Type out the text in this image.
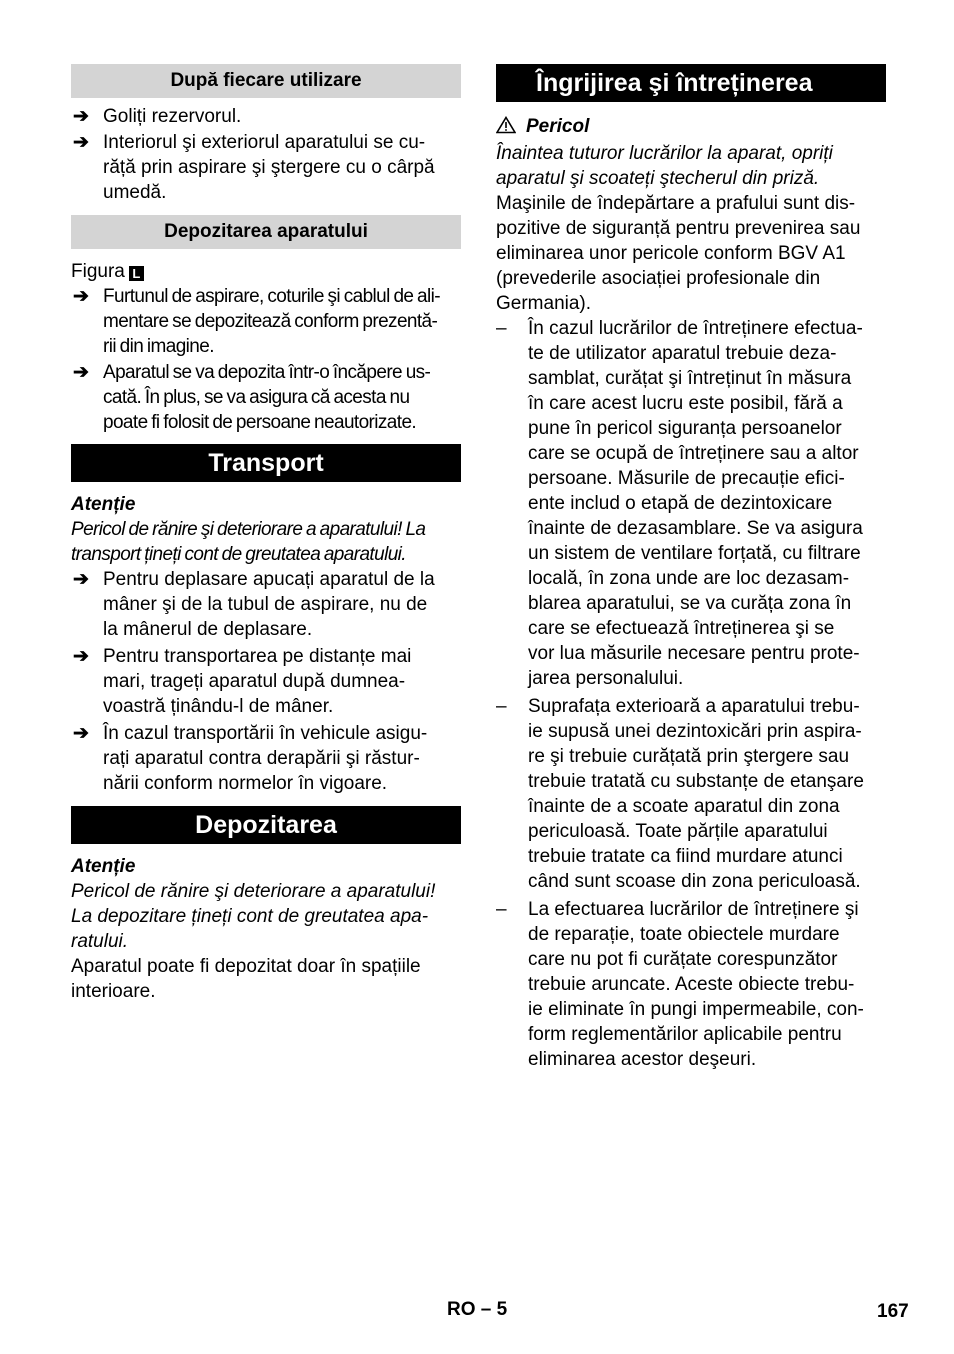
După fiecare utilizare
➔ Goliți rezervorul.
➔ Interiorul şi exteriorul aparatului se cu-
răță prin aspirare şi ştergere cu o cârpă
umedă.
Depozitarea aparatului
Figura L
➔ Furtunul de aspirare, coturile şi cablul de ali-
mentare se depozitează conform prezentă-
rii din imagine.
➔ Aparatul se va depozita într-o încăpere us-
cată. În plus, se va asigura că acesta nu
poate fi folosit de persoane neautorizate.
Transport
Atenție
Pericol de rănire şi deteriorare a aparatului! La
transport țineți cont de greutatea aparatului.
➔ Pentru deplasare apucați aparatul de la
mâner şi de la tubul de aspirare, nu de
la mânerul de deplasare.
➔ Pentru transportarea pe distanțe mai
mari, trageți aparatul după dumnea-
voastră ținându-l de mâner.
➔ În cazul transportării în vehicule asigu-
rați aparatul contra derapării şi răstur-
nării conform normelor în vigoare.
Depozitarea
Atenție
Pericol de rănire şi deteriorare a aparatului!
La depozitare țineți cont de greutatea apa-
ratului.
Aparatul poate fi depozitat doar în spațiile
interioare.
Îngrijirea şi întreținerea
Pericol
Înaintea tuturor lucrărilor la aparat, opriți
aparatul şi scoateți ştecherul din priză.
Maşinile de îndepărtare a prafului sunt dis-
pozitive de siguranță pentru prevenirea sau
eliminarea unor pericole conform BGV A1
(prevederile asociației profesionale din
Germania).
– În cazul lucrărilor de întreținere efectua-
te de utilizator aparatul trebuie deza-
samblat, curățat şi întreținut în măsura
în care acest lucru este posibil, fără a
pune în pericol siguranța persoanelor
care se ocupă de întreținere sau a altor
persoane. Măsurile de precauție efici-
ente includ o etapă de dezintoxicare
înainte de dezasamblare. Se va asigura
un sistem de ventilare forțată, cu filtrare
locală, în zona unde are loc dezasam-
blarea aparatului, se va curăța zona în
care se efectuează întreținerea şi se
vor lua măsurile necesare pentru prote-
jarea personalului.
– Suprafața exterioară a aparatului trebu-
ie supusă unei dezintoxicări prin aspira-
re şi trebuie curățată prin ştergere sau
trebuie tratată cu substanțe de etanşare
înainte de a scoate aparatul din zona
periculoasă. Toate părțile aparatului
trebuie tratate ca fiind murdare atunci
când sunt scoase din zona periculoasă.
– La efectuarea lucrărilor de întreținere şi
de reparație, toate obiectele murdare
care nu pot fi curățate corespunzător
trebuie aruncate. Aceste obiecte trebu-
ie eliminate în pungi impermeabile, con-
form reglementărilor aplicabile pentru
eliminarea acestor deşeuri.
RO – 5	167
